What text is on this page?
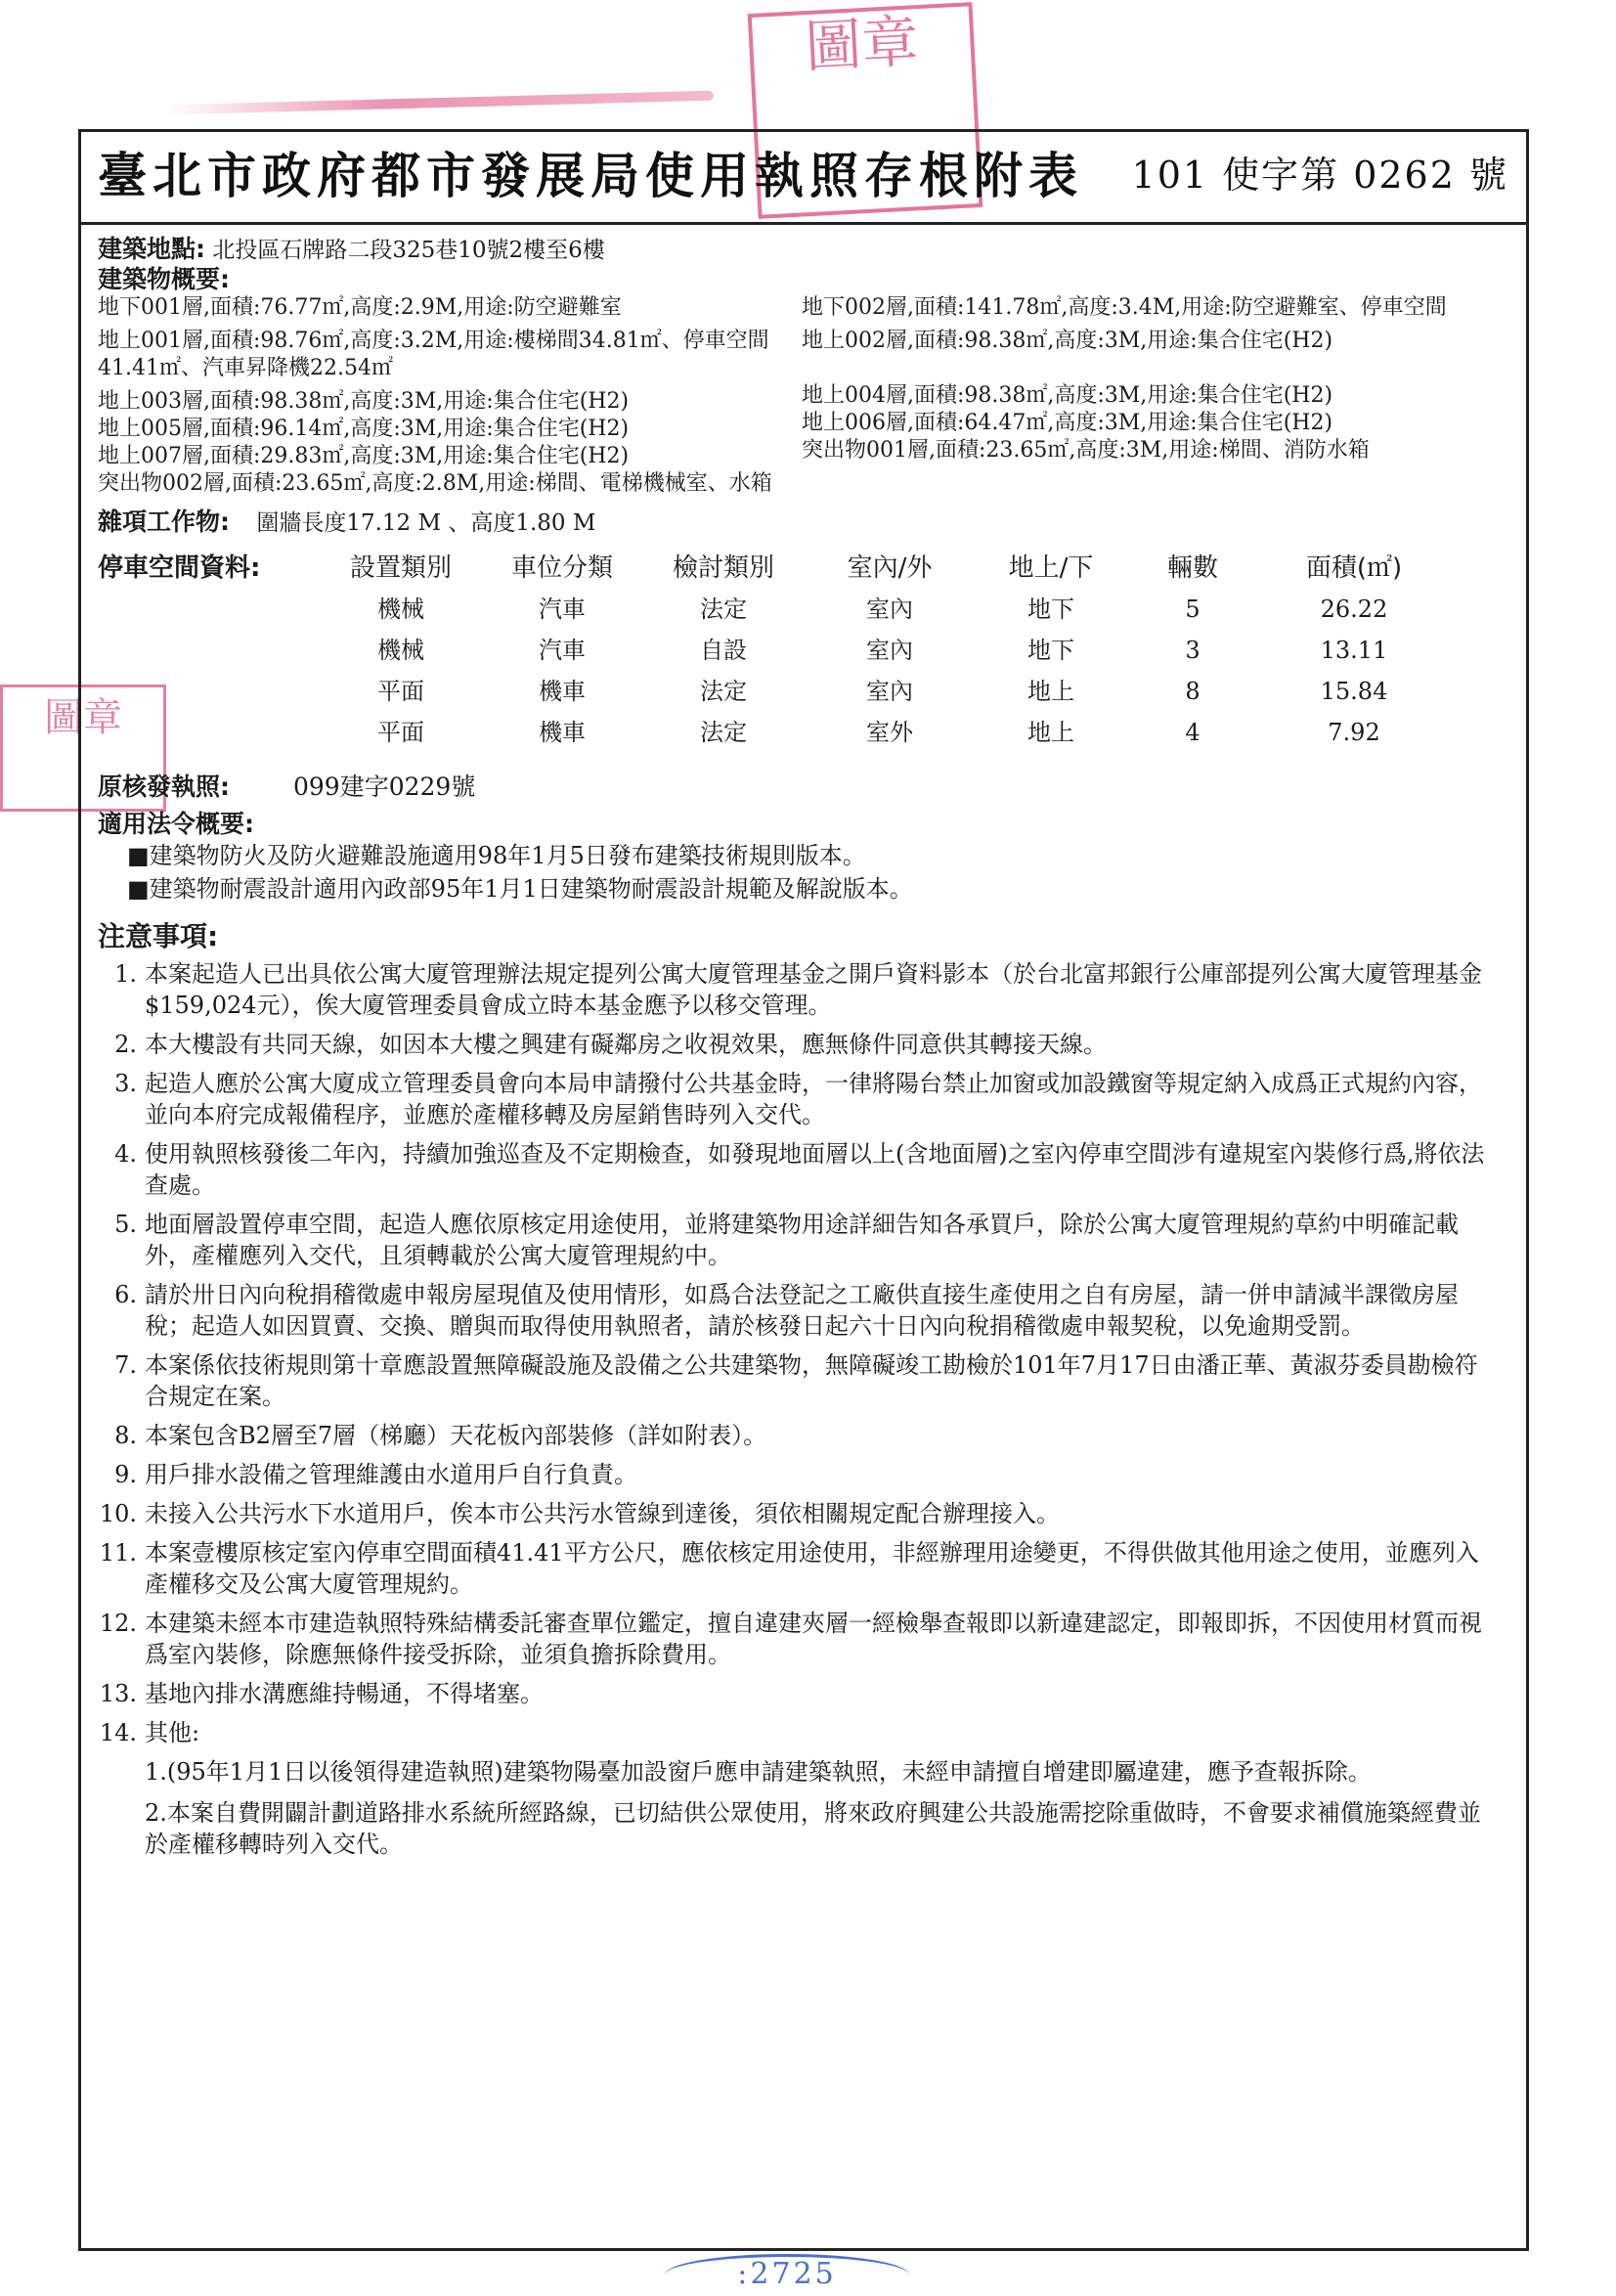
圖章
圖章
臺北市政府都市發展局使用執照存根附表 101 使字第 0262 號
建築地點: 北投區石牌路二段325巷10號2樓至6樓
建築物概要:
地下001層,面積:76.77㎡,高度:2.9M,用途:防空避難室
地上001層,面積:98.76㎡,高度:3.2M,用途:樓梯間34.81㎡、停車空間41.41㎡、汽車昇降機22.54㎡
地上003層,面積:98.38㎡,高度:3M,用途:集合住宅(H2)
地上005層,面積:96.14㎡,高度:3M,用途:集合住宅(H2)
地上007層,面積:29.83㎡,高度:3M,用途:集合住宅(H2)
突出物002層,面積:23.65㎡,高度:2.8M,用途:梯間、電梯機械室、水箱
地下002層,面積:141.78㎡,高度:3.4M,用途:防空避難室、停車空間
地上002層,面積:98.38㎡,高度:3M,用途:集合住宅(H2)
地上004層,面積:98.38㎡,高度:3M,用途:集合住宅(H2)
地上006層,面積:64.47㎡,高度:3M,用途:集合住宅(H2)
突出物001層,面積:23.65㎡,高度:3M,用途:梯間、消防水箱
雜項工作物: 圍牆長度17.12 M 、高度1.80 M
停車空間資料:	設置類別	車位分類	檢討類別	室內/外	地上/下	輛數	面積(㎡)
機械	汽車	法定	室內	地下	5	26.22
機械	汽車	自設	室內	地下	3	13.11
平面	機車	法定	室內	地上	8	15.84
平面	機車	法定	室外	地上	4	7.92
原核發執照:	099建字0229號
適用法令概要:
■建築物防火及防火避難設施適用98年1月5日發布建築技術規則版本。
■建築物耐震設計適用內政部95年1月1日建築物耐震設計規範及解說版本。
注意事項:
1. 本案起造人已出具依公寓大廈管理辦法規定提列公寓大廈管理基金之開戶資料影本（於台北富邦銀行公庫部提列公寓大廈管理基金$159,024元），俟大廈管理委員會成立時本基金應予以移交管理。
2. 本大樓設有共同天線，如因本大樓之興建有礙鄰房之收視效果，應無條件同意供其轉接天線。
3. 起造人應於公寓大廈成立管理委員會向本局申請撥付公共基金時，一律將陽台禁止加窗或加設鐵窗等規定納入成爲正式規約內容，並向本府完成報備程序，並應於產權移轉及房屋銷售時列入交代。
4. 使用執照核發後二年內，持續加強巡查及不定期檢查，如發現地面層以上(含地面層)之室內停車空間涉有違規室內裝修行爲,將依法查處。
5. 地面層設置停車空間，起造人應依原核定用途使用，並將建築物用途詳細告知各承買戶，除於公寓大廈管理規約草約中明確記載外，產權應列入交代，且須轉載於公寓大廈管理規約中。
6. 請於卅日內向稅捐稽徵處申報房屋現值及使用情形，如爲合法登記之工廠供直接生產使用之自有房屋，請一併申請減半課徵房屋稅；起造人如因買賣、交換、贈與而取得使用執照者，請於核發日起六十日內向稅捐稽徵處申報契稅，以免逾期受罰。
7. 本案係依技術規則第十章應設置無障礙設施及設備之公共建築物，無障礙竣工勘檢於101年7月17日由潘正華、黃淑芬委員勘檢符合規定在案。
8. 本案包含B2層至7層（梯廳）天花板內部裝修（詳如附表）。
9. 用戶排水設備之管理維護由水道用戶自行負責。
10. 未接入公共污水下水道用戶，俟本市公共污水管線到達後，須依相關規定配合辦理接入。
11. 本案壹樓原核定室內停車空間面積41.41平方公尺，應依核定用途使用，非經辦理用途變更，不得供做其他用途之使用，並應列入產權移交及公寓大廈管理規約。
12. 本建築未經本市建造執照特殊結構委託審查單位鑑定，擅自違建夾層一經檢舉查報即以新違建認定，即報即拆，不因使用材質而視爲室內裝修，除應無條件接受拆除，並須負擔拆除費用。
13. 基地內排水溝應維持暢通，不得堵塞。
14. 其他:
1.(95年1月1日以後領得建造執照)建築物陽臺加設窗戶應申請建築執照，未經申請擅自增建即屬違建，應予查報拆除。
2.本案自費開闢計劃道路排水系統所經路線，已切結供公眾使用，將來政府興建公共設施需挖除重做時，不會要求補償施築經費並於產權移轉時列入交代。
:2725
